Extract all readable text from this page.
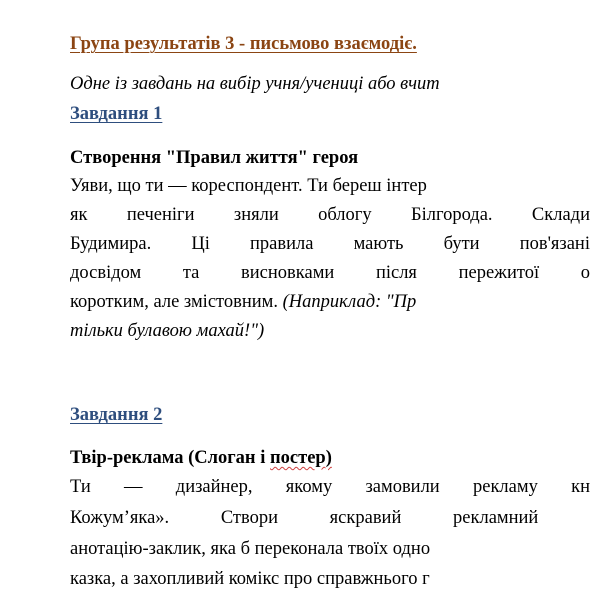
Група результатів 3 - письмово взаємодіє.
Одне із завдань на вибір учня/учениці або вчит
Завдання 1
Створення "Правил життя" героя
Уяви, що ти — кореспондент. Ти береш інтер
як печеніги зняли облогу Білгорода. Склади
Будимира. Ці правила мають бути пов'язані
досвідом та висновками після пережитої о
коротким, але змістовним. (Наприклад: "Пр
тільки булавою махай!")
Завдання 2
Твір-реклама (Слоган і постер)
Ти — дизайнер, якому замовили рекламу кн
Кожум’яка».	Створи	яскравий	рекламний
анотацію-заклик, яка б переконала твоїх одно
казка, а захопливий комікс про справжнього г
